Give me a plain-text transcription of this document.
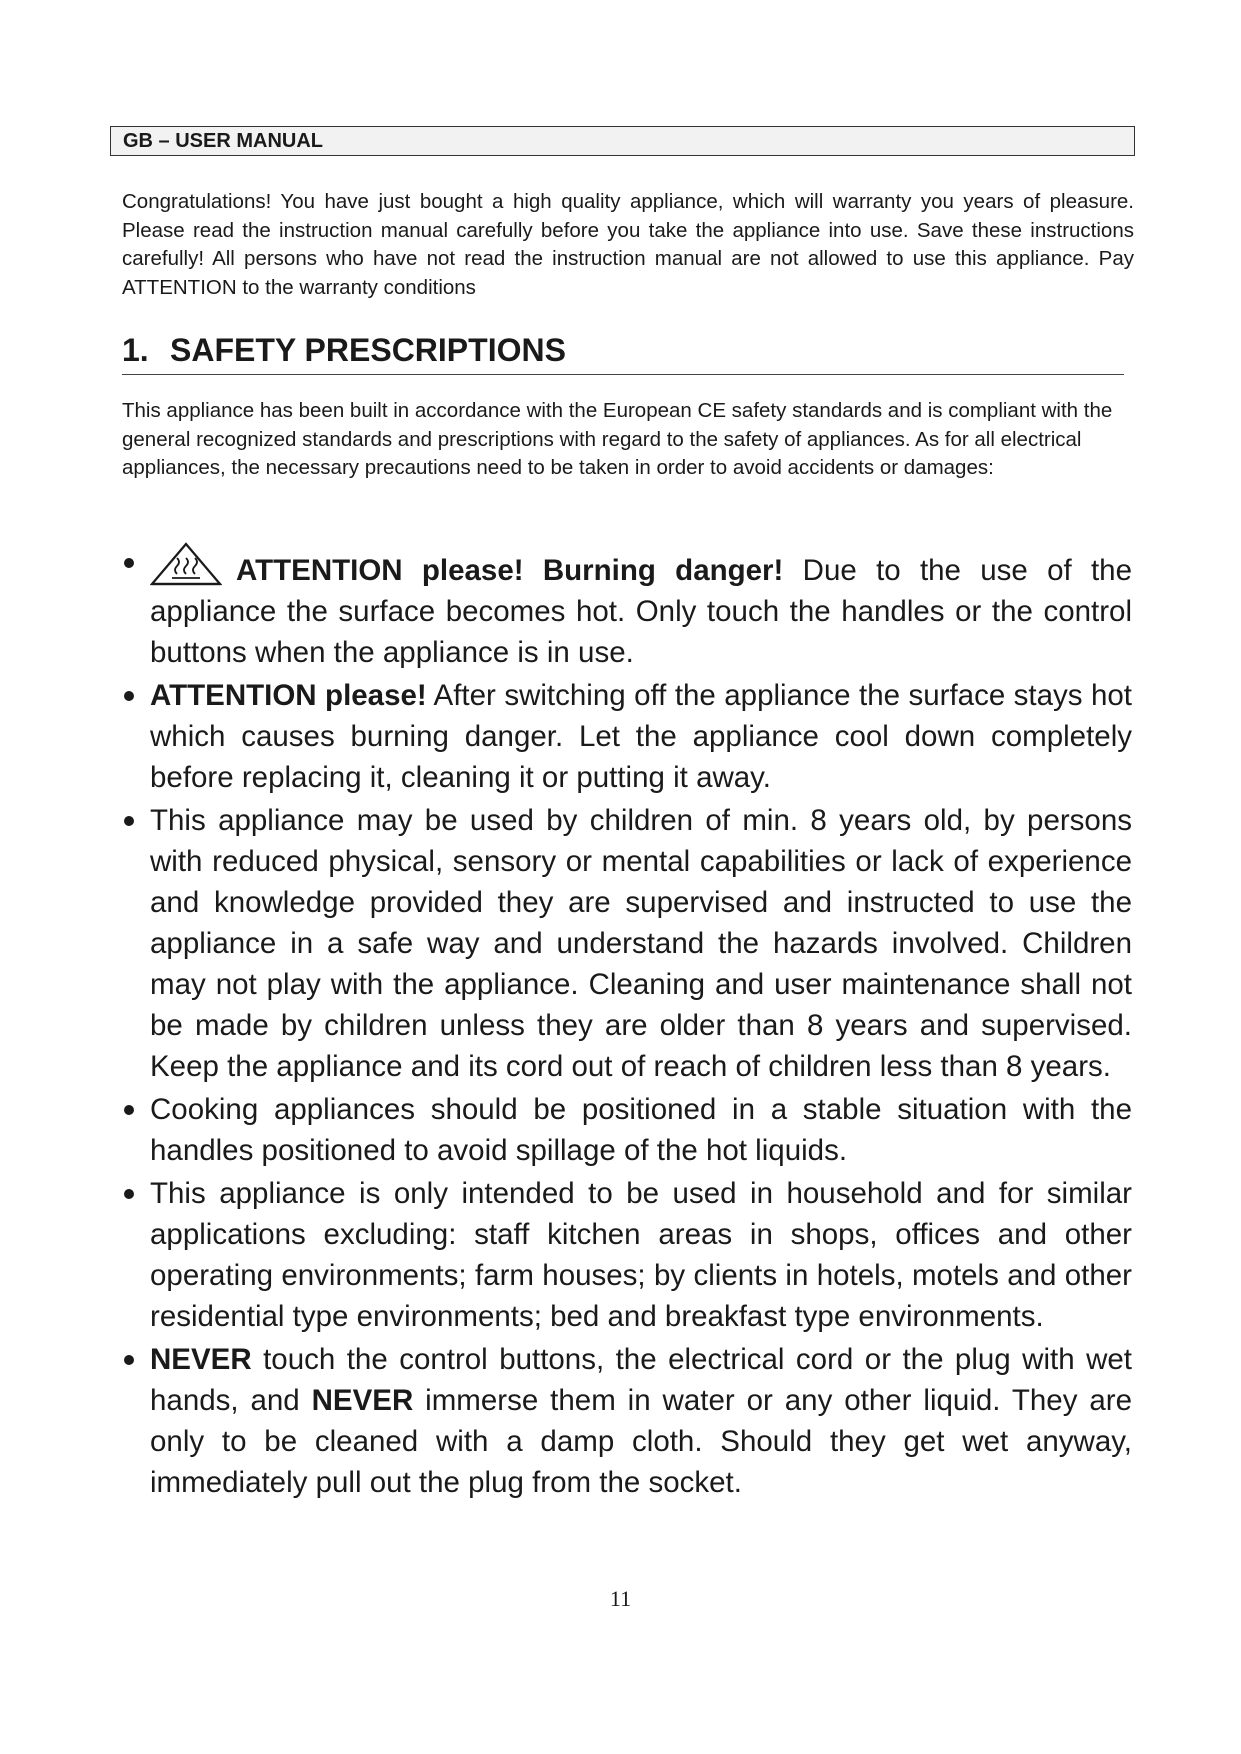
GB – USER MANUAL

Congratulations! You have just bought a high quality appliance, which will warranty you years of pleasure. Please read the instruction manual carefully before you take the appliance into use. Save these instructions carefully! All persons who have not read the instruction manual are not allowed to use this appliance. Pay ATTENTION to the warranty conditions

1. SAFETY PRESCRIPTIONS

This appliance has been built in accordance with the European CE safety standards and is compliant with the general recognized standards and prescriptions with regard to the safety of appliances. As for all electrical appliances, the necessary precautions need to be taken in order to avoid accidents or damages:

ATTENTION please! Burning danger! Due to the use of the appliance the surface becomes hot. Only touch the handles or the control buttons when the appliance is in use.
ATTENTION please! After switching off the appliance the surface stays hot which causes burning danger. Let the appliance cool down completely before replacing it, cleaning it or putting it away.
This appliance may be used by children of min. 8 years old, by persons with reduced physical, sensory or mental capabilities or lack of experience and knowledge provided they are supervised and instructed to use the appliance in a safe way and understand the hazards involved. Children may not play with the appliance. Cleaning and user maintenance shall not be made by children unless they are older than 8 years and supervised. Keep the appliance and its cord out of reach of children less than 8 years.
Cooking appliances should be positioned in a stable situation with the handles positioned to avoid spillage of the hot liquids.
This appliance is only intended to be used in household and for similar applications excluding: staff kitchen areas in shops, offices and other operating environments; farm houses; by clients in hotels, motels and other residential type environments; bed and breakfast type environments.
NEVER touch the control buttons, the electrical cord or the plug with wet hands, and NEVER immerse them in water or any other liquid. They are only to be cleaned with a damp cloth. Should they get wet anyway, immediately pull out the plug from the socket.
11
